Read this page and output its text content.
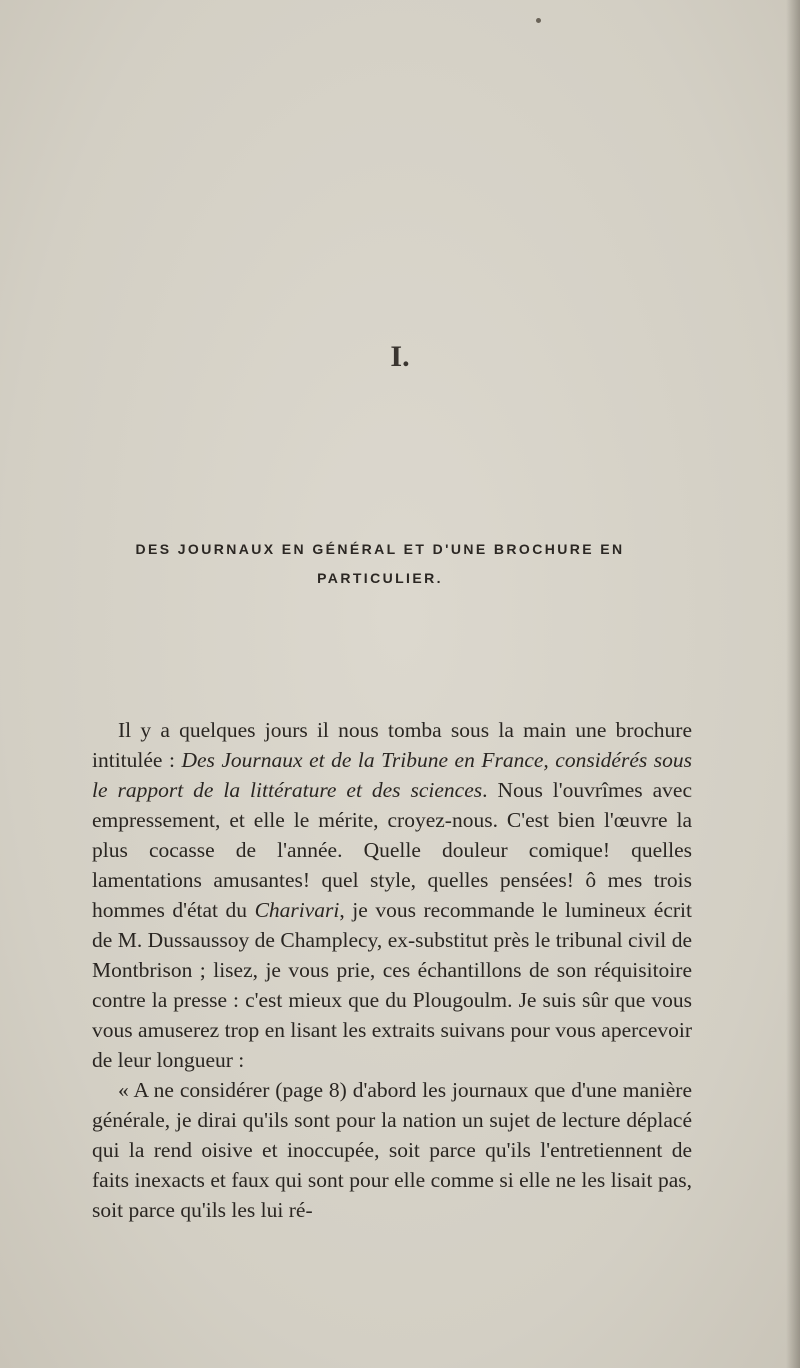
I.
DES JOURNAUX EN GÉNÉRAL ET D'UNE BROCHURE EN PARTICULIER.

Il y a quelques jours il nous tomba sous la main une brochure intitulée : Des Journaux et de la Tribune en France, considérés sous le rapport de la littérature et des sciences. Nous l'ouvrîmes avec empressement, et elle le mérite, croyez-nous. C'est bien l'œuvre la plus cocasse de l'année. Quelle douleur comique! quelles lamentations amusantes! quel style, quelles pensées! ô mes trois hommes d'état du Charivari, je vous recommande le lumineux écrit de M. Dussaussoy de Champlecy, ex-substitut près le tribunal civil de Montbrison ; lisez, je vous prie, ces échantillons de son réquisitoire contre la presse : c'est mieux que du Plougoulm. Je suis sûr que vous vous amuserez trop en lisant les extraits suivans pour vous apercevoir de leur longueur :

« A ne considérer (page 8) d'abord les journaux que d'une manière générale, je dirai qu'ils sont pour la nation un sujet de lecture déplacé qui la rend oisive et inoccupée, soit parce qu'ils l'entretiennent de faits inexacts et faux qui sont pour elle comme si elle ne les lisait pas, soit parce qu'ils les lui ré-
